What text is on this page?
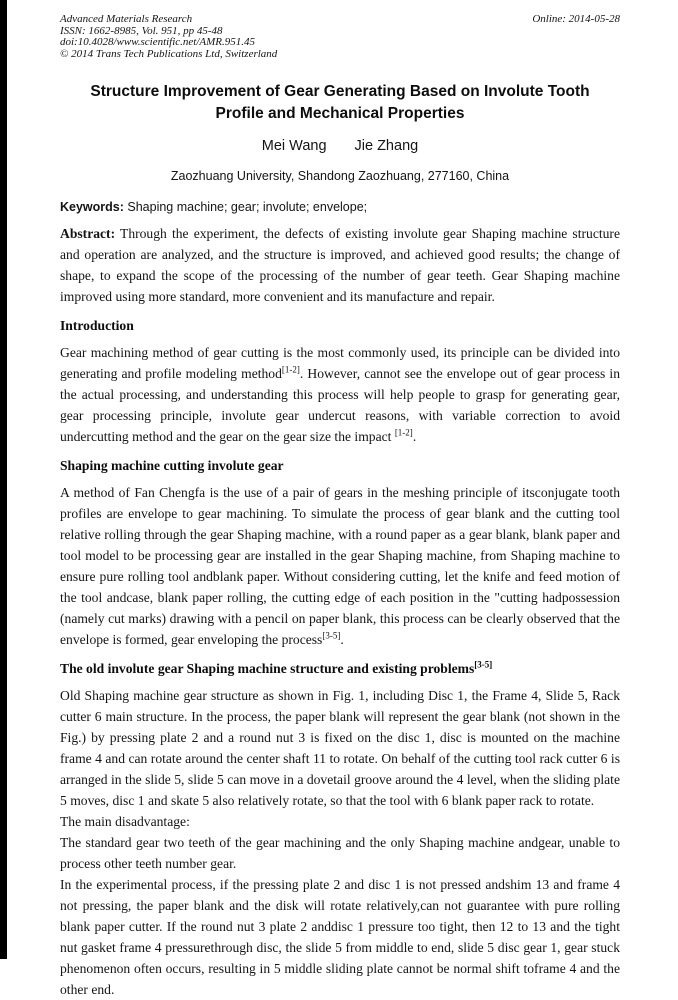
Advanced Materials Research
ISSN: 1662-8985, Vol. 951, pp 45-48
doi:10.4028/www.scientific.net/AMR.951.45
© 2014 Trans Tech Publications Ltd, Switzerland
Online: 2014-05-28
Structure Improvement of Gear Generating Based on Involute Tooth Profile and Mechanical Properties
Mei Wang Jie Zhang
Zaozhuang University, Shandong Zaozhuang, 277160, China
Keywords: Shaping machine; gear; involute; envelope;

Abstract: Through the experiment, the defects of existing involute gear Shaping machine structure and operation are analyzed, and the structure is improved, and achieved good results; the change of shape, to expand the scope of the processing of the number of gear teeth. Gear Shaping machine improved using more standard, more convenient and its manufacture and repair.

Introduction

Gear machining method of gear cutting is the most commonly used, its principle can be divided into generating and profile modeling method[1-2]. However, cannot see the envelope out of gear process in the actual processing, and understanding this process will help people to grasp for generating gear, gear processing principle, involute gear undercut reasons, with variable correction to avoid undercutting method and the gear on the gear size the impact [1-2].

Shaping machine cutting involute gear

A method of Fan Chengfa is the use of a pair of gears in the meshing principle of itsconjugate tooth profiles are envelope to gear machining. To simulate the process of gear blank and the cutting tool relative rolling through the gear Shaping machine, with a round paper as a gear blank, blank paper and tool model to be processing gear are installed in the gear Shaping machine, from Shaping machine to ensure pure rolling tool andblank paper. Without considering cutting, let the knife and feed motion of the tool andcase, blank paper rolling, the cutting edge of each position in the "cutting hadpossession (namely cut marks) drawing with a pencil on paper blank, this process can be clearly observed that the envelope is formed, gear enveloping the process[3-5].

The old involute gear Shaping machine structure and existing problems[3-5]

Old Shaping machine gear structure as shown in Fig. 1, including Disc 1, the Frame 4, Slide 5, Rack cutter 6 main structure. In the process, the paper blank will represent the gear blank (not shown in the Fig.) by pressing plate 2 and a round nut 3 is fixed on the disc 1, disc is mounted on the machine frame 4 and can rotate around the center shaft 11 to rotate. On behalf of the cutting tool rack cutter 6 is arranged in the slide 5, slide 5 can move in a dovetail groove around the 4 level, when the sliding plate 5 moves, disc 1 and skate 5 also relatively rotate, so that the tool with 6 blank paper rack to rotate.

The main disadvantage:

The standard gear two teeth of the gear machining and the only Shaping machine andgear, unable to process other teeth number gear.

In the experimental process, if the pressing plate 2 and disc 1 is not pressed andshim 13 and frame 4 not pressing, the paper blank and the disk will rotate relatively,can not guarantee with pure rolling blank paper cutter. If the round nut 3 plate 2 anddisc 1 pressure too tight, then 12 to 13 and the tight nut gasket frame 4 pressurethrough disc, the slide 5 from middle to end, slide 5 disc gear 1, gear stuck phenomenon often occurs, resulting in 5 middle sliding plate cannot be normal shift toframe 4 and the other end.
